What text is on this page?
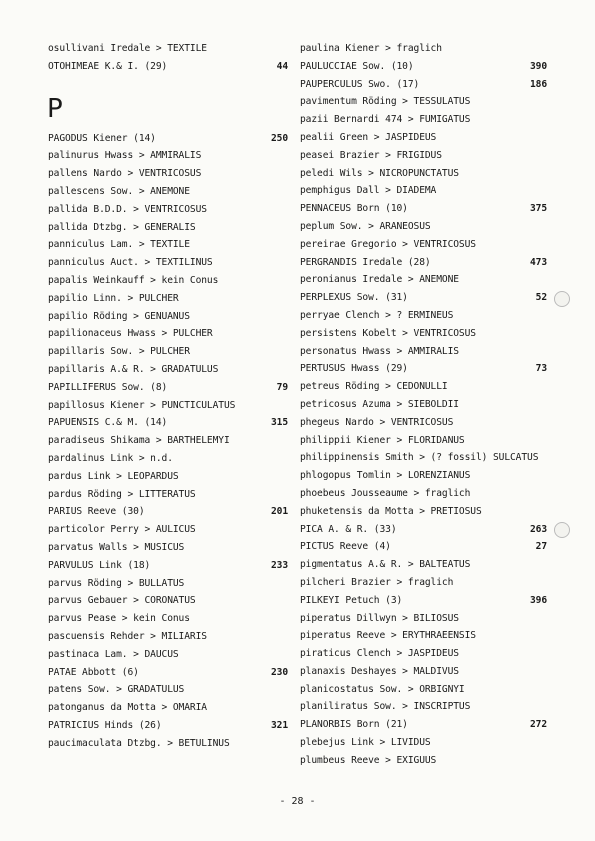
osullivani Iredale > TEXTILE
OTOHIMEAE K.& I. (29)	44
P
PAGODUS Kiener (14)	250
palinurus Hwass > AMMIRALIS
pallens Nardo > VENTRICOSUS
pallescens Sow. > ANEMONE
pallida B.D.D. > VENTRICOSUS
pallida Dtzbg. > GENERALIS
panniculus Lam. > TEXTILE
panniculus Auct. > TEXTILINUS
papalis Weinkauff > kein Conus
papilio Linn. > PULCHER
papilio Röding > GENUANUS
papilionaceus Hwass > PULCHER
papillaris Sow. > PULCHER
papillaris A.& R. > GRADATULUS
PAPILLIFERUS Sow. (8)	79
papillosus Kiener > PUNCTICULATUS
PAPUENSIS C.& M. (14)	315
paradiseus Shikama > BARTHELEMYI
pardalinus Link > n.d.
pardus Link > LEOPARDUS
pardus Röding > LITTERATUS
PARIUS Reeve (30)	201
particolor Perry > AULICUS
parvatus Walls > MUSICUS
PARVULUS Link (18)	233
parvus Röding > BULLATUS
parvus Gebauer > CORONATUS
parvus Pease > kein Conus
pascuensis Rehder > MILIARIS
pastinaca Lam. > DAUCUS
PATAE Abbott (6)	230
patens Sow. > GRADATULUS
patonganus da Motta > OMARIA
PATRICIUS Hinds (26)	321
paucimaculata Dtzbg. > BETULINUS
paulina Kiener > fraglich
PAULUCCIAE Sow. (10)	390
PAUPERCULUS Swo. (17)	186
pavimentum Röding > TESSULATUS
pazii Bernardi 474 > FUMIGATUS
pealii Green > JASPIDEUS
peasei Brazier > FRIGIDUS
peledi Wils > NICROPUNCTATUS
pemphigus Dall > DIADEMA
PENNACEUS Born (10)	375
peplum Sow. > ARANEOSUS
pereirae Gregorio > VENTRICOSUS
PERGRANDIS Iredale (28)	473
peronianus Iredale > ANEMONE
PERPLEXUS Sow. (31)	52
perryae Clench > ? ERMINEUS
persistens Kobelt > VENTRICOSUS
personatus Hwass > AMMIRALIS
PERTUSUS Hwass (29)	73
petreus Röding > CEDONULLI
petricosus Azuma > SIEBOLDII
phegeus Nardo > VENTRICOSUS
philippii Kiener > FLORIDANUS
philippinensis Smith > (? fossil) SULCATUS
phlogopus Tomlin > LORENZIANUS
phoebeus Jousseaume > fraglich
phuketensis da Motta > PRETIOSUS
PICA A. & R. (33)	263
PICTUS Reeve (4)	27
pigmentatus A.& R. > BALTEATUS
pilcheri Brazier > fraglich
PILKEYI Petuch (3)	396
piperatus Dillwyn > BILIOSUS
piperatus Reeve > ERYTHRAEENSIS
piraticus Clench > JASPIDEUS
planaxis Deshayes > MALDIVUS
planicostatus Sow. > ORBIGNYI
planiliratus Sow. > INSCRIPTUS
PLANORBIS Born (21)	272
plebejus Link > LIVIDUS
plumbeus Reeve > EXIGUUS
- 28 -
